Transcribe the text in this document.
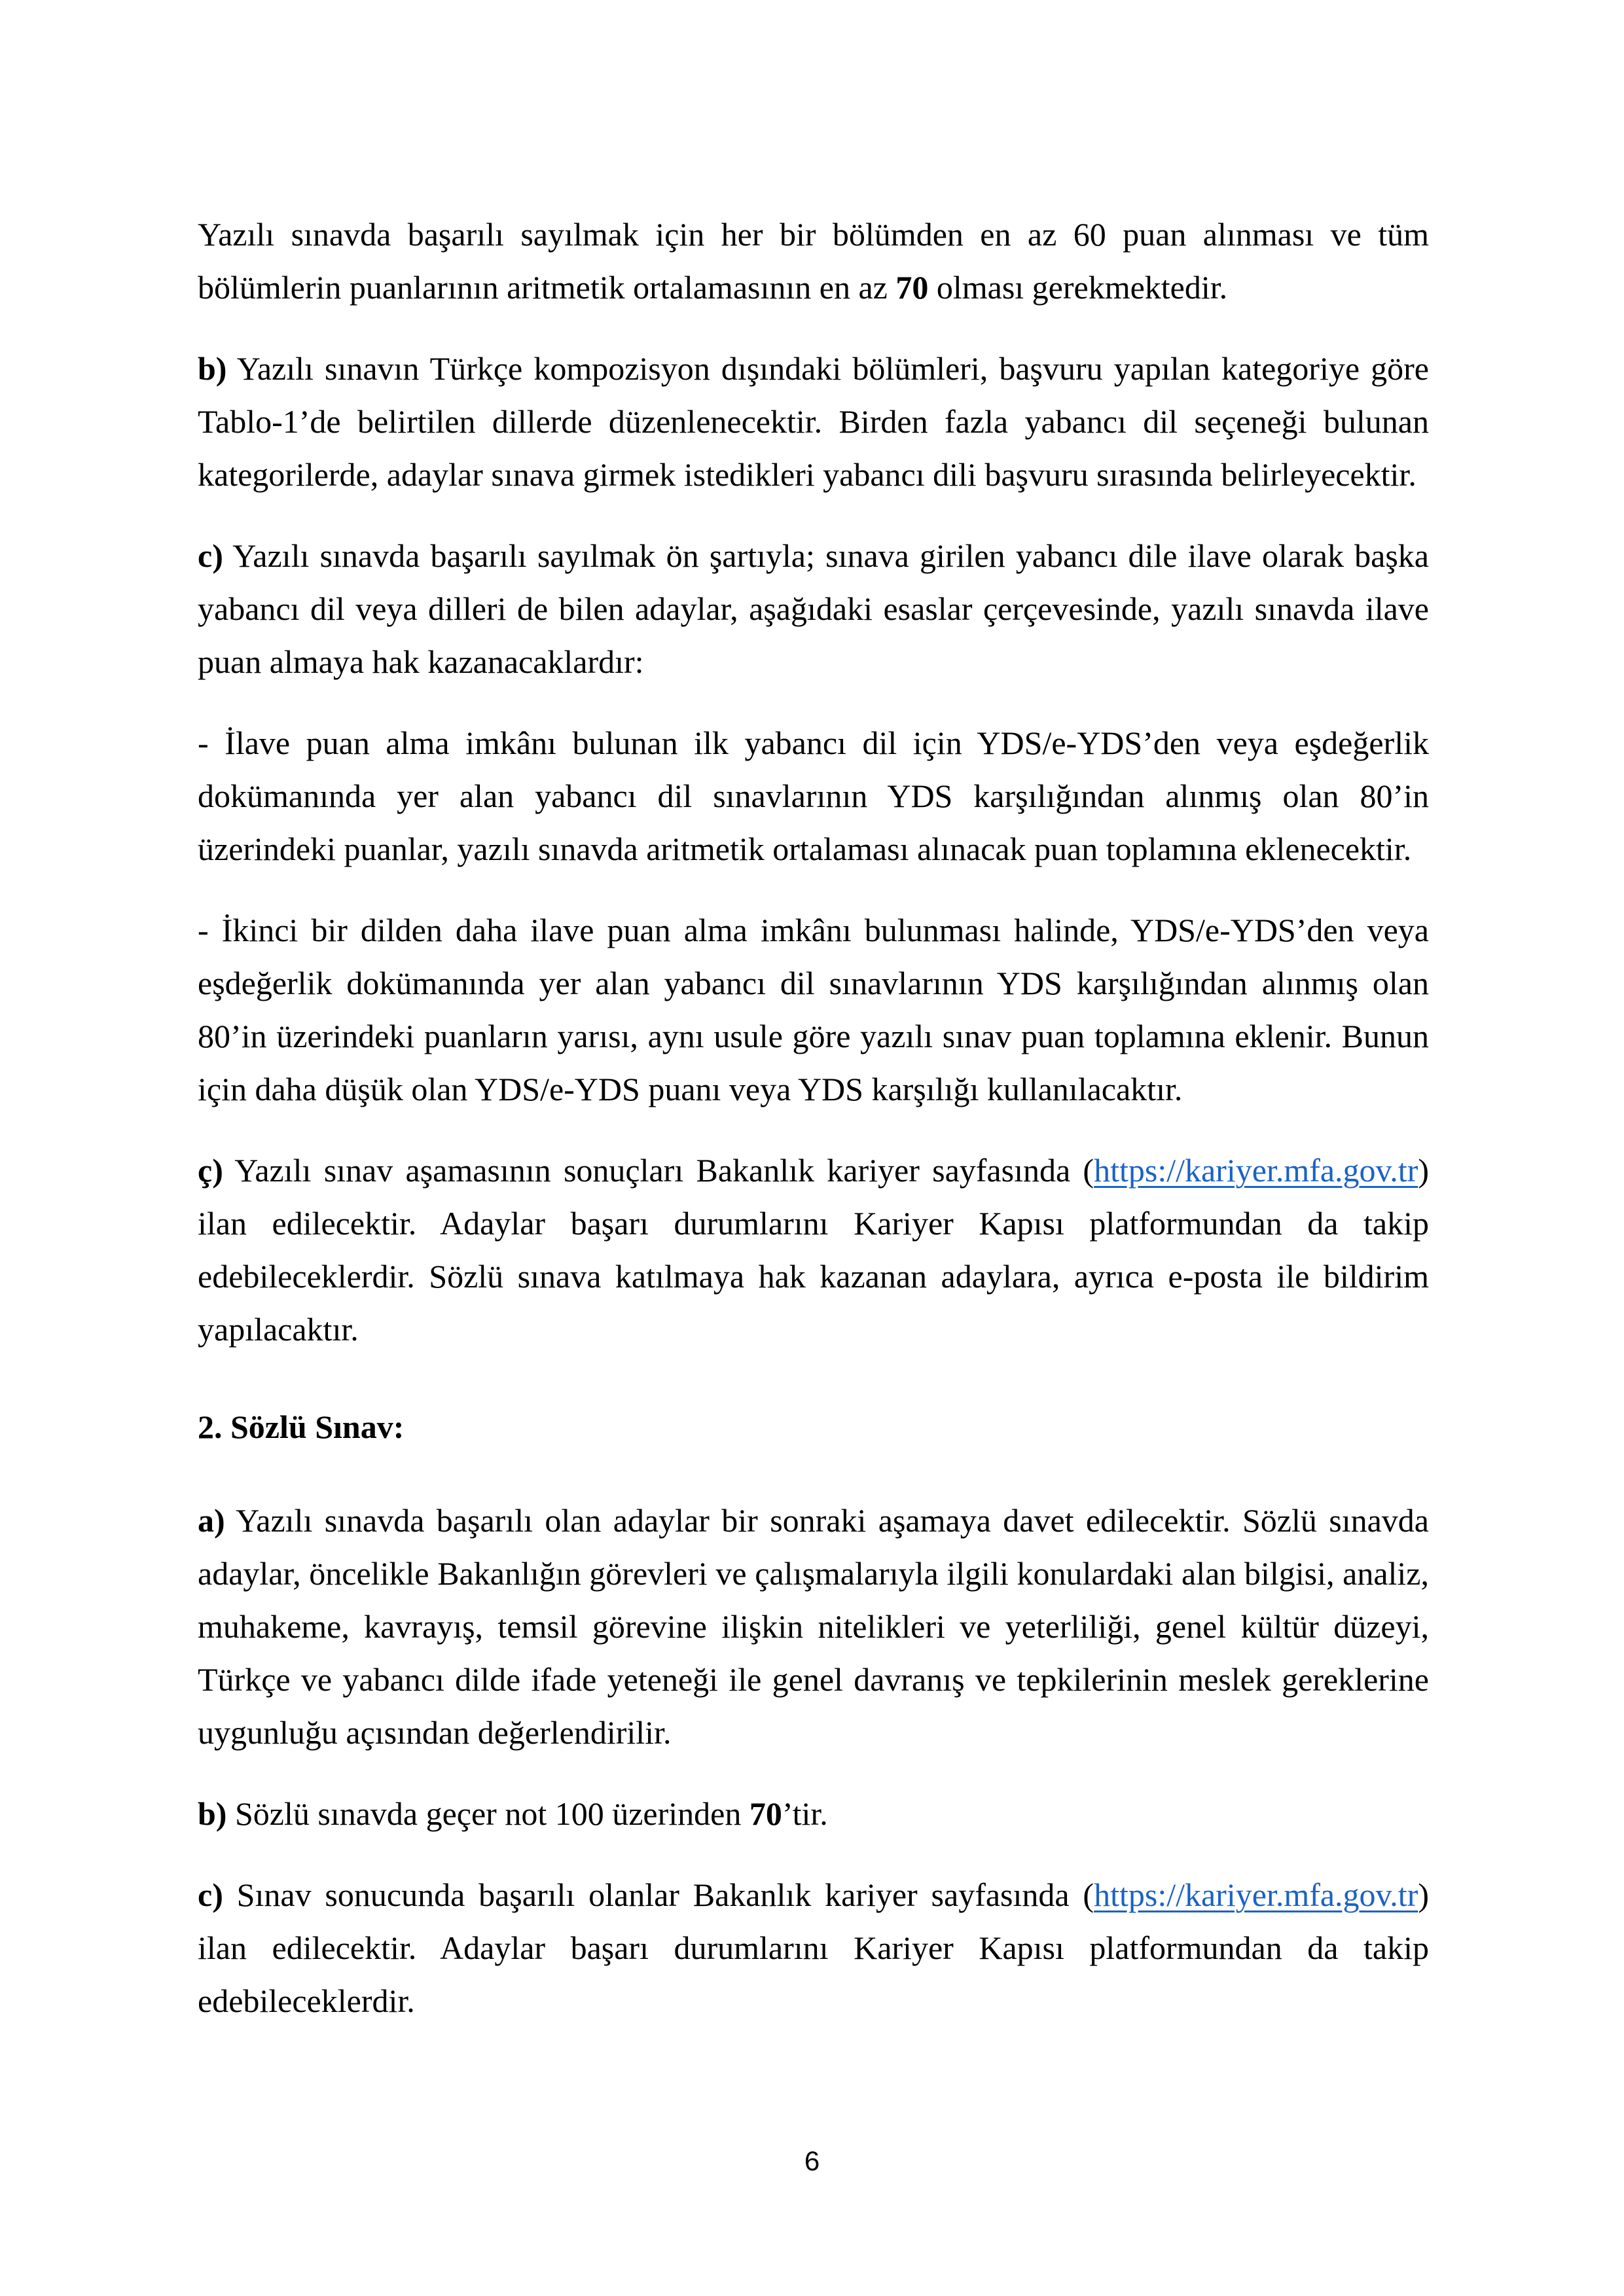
Yazılı sınavda başarılı sayılmak için her bir bölümden en az 60 puan alınması ve tüm bölümlerin puanlarının aritmetik ortalamasının en az 70 olması gerekmektedir.

b) Yazılı sınavın Türkçe kompozisyon dışındaki bölümleri, başvuru yapılan kategoriye göre Tablo-1’de belirtilen dillerde düzenlenecektir. Birden fazla yabancı dil seçeneği bulunan kategorilerde, adaylar sınava girmek istedikleri yabancı dili başvuru sırasında belirleyecektir.

c) Yazılı sınavda başarılı sayılmak ön şartıyla; sınava girilen yabancı dile ilave olarak başka yabancı dil veya dilleri de bilen adaylar, aşağıdaki esaslar çerçevesinde, yazılı sınavda ilave puan almaya hak kazanacaklardır:

- İlave puan alma imkânı bulunan ilk yabancı dil için YDS/e-YDS’den veya eşdeğerlik dokümanında yer alan yabancı dil sınavlarının YDS karşılığından alınmış olan 80’in üzerindeki puanlar, yazılı sınavda aritmetik ortalaması alınacak puan toplamına eklenecektir.

- İkinci bir dilden daha ilave puan alma imkânı bulunması halinde, YDS/e-YDS’den veya eşdeğerlik dokümanında yer alan yabancı dil sınavlarının YDS karşılığından alınmış olan 80’in üzerindeki puanların yarısı, aynı usule göre yazılı sınav puan toplamına eklenir. Bunun için daha düşük olan YDS/e-YDS puanı veya YDS karşılığı kullanılacaktır.

ç) Yazılı sınav aşamasının sonuçları Bakanlık kariyer sayfasında (https://kariyer.mfa.gov.tr) ilan edilecektir. Adaylar başarı durumlarını Kariyer Kapısı platformundan da takip edebileceklerdir. Sözlü sınava katılmaya hak kazanan adaylara, ayrıca e-posta ile bildirim yapılacaktır.

2. Sözlü Sınav:

a) Yazılı sınavda başarılı olan adaylar bir sonraki aşamaya davet edilecektir. Sözlü sınavda adaylar, öncelikle Bakanlığın görevleri ve çalışmalarıyla ilgili konulardaki alan bilgisi, analiz, muhakeme, kavrayış, temsil görevine ilişkin nitelikleri ve yeterliliği, genel kültür düzeyi, Türkçe ve yabancı dilde ifade yeteneği ile genel davranış ve tepkilerinin meslek gereklerine uygunluğu açısından değerlendirilir.

b) Sözlü sınavda geçer not 100 üzerinden 70’tir.

c) Sınav sonucunda başarılı olanlar Bakanlık kariyer sayfasında (https://kariyer.mfa.gov.tr) ilan edilecektir. Adaylar başarı durumlarını Kariyer Kapısı platformundan da takip edebileceklerdir.

6
